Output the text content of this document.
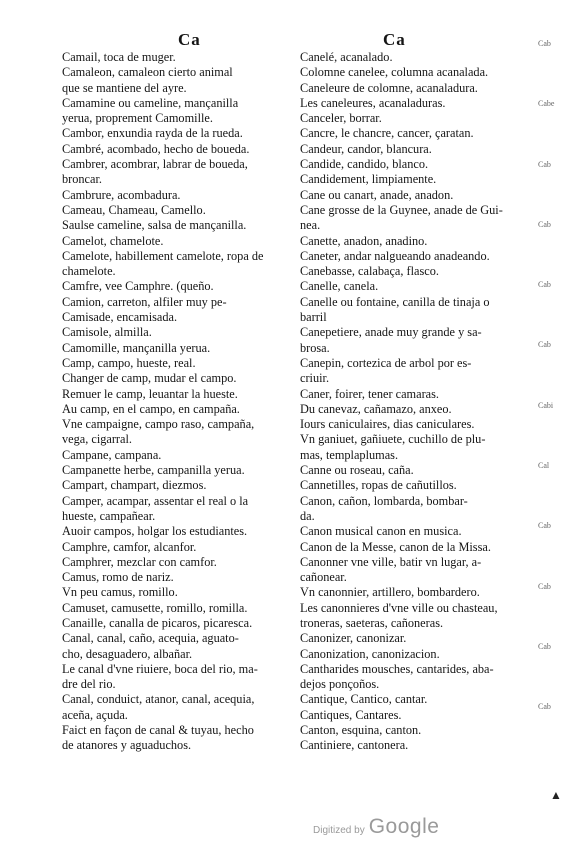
Ca	Ca
Camail, toca de muger.
Camaleon, camaleon cierto animal
que se mantiene del ayre.
Camamine ou cameline, mançanilla
yerua, proprement Camomille.
Cambor, enxundia rayda de la rueda.
Cambré, acombado, hecho de boueda.
Cambrer, acombrar, labrar de boueda,
broncar.
Cambrure, acombadura.
Cameau, Chameau, Camello.
Saulse cameline, salsa de mançanilla.
Camelot, chamelote.
Camelote, habillement camelote, ropa de
chamelote.
Camfre, vee Camphre. (queño.
Camion, carreton, alfiler muy pe-
Camisade, encamisada.
Camisole, almilla.
Camomille, mançanilla yerua.
Camp, campo, hueste, real.
Changer de camp, mudar el campo.
Remuer le camp, leuantar la hueste.
Au camp, en el campo, en campaña.
Vne campaigne, campo raso, campaña,
vega, cigarral.
Campane, campana.
Campanette herbe, campanilla yerua.
Campart, champart, diezmos.
Camper, acampar, assentar el real o la
hueste, campañear.
Auoir campos, holgar los estudiantes.
Camphre, camfor, alcanfor.
Camphrer, mezclar con camfor.
Camus, romo de nariz.
Vn peu camus, romillo.
Camuset, camusette, romillo, romilla.
Canaille, canalla de picaros, picaresca.
Canal, canal, caño, acequia, aguato-
cho, desaguadero, albañar.
Le canal d'vne riuiere, boca del rio, ma-
dre del rio.
Canal, conduict, atanor, canal, acequia,
aceña, açuda.
Faict en façon de canal & tuyau, hecho
de atanores y aguaduchos.
Canelé, acanalado.
Colomne canelee, columna acanalada.
Caneleure de colomne, acanaladura.
Les caneleures, acanaladuras.
Canceler, borrar.
Cancre, le chancre, cancer, çaratan.
Candeur, candor, blancura.
Candide, candido, blanco.
Candidement, limpiamente.
Cane ou canart, anade, anadon.
Cane grosse de la Guynee, anade de Gui-
nea.
Canette, anadon, anadino.
Caneter, andar nalgueando anadeando.
Canebasse, calabaça, flasco.
Canelle, canela.
Canelle ou fontaine, canilla de tinaja o
barril
Canepetiere, anade muy grande y sa-
brosa.
Canepin, cortezica de arbol por es-
criuir.
Caner, foirer, tener camaras.
Du canevaz, cañamazo, anxeo.
Iours caniculaires, dias caniculares.
Vn ganiuet, gañiuete, cuchillo de plu-
mas, templaplumas.
Canne ou roseau, caña.
Cannetilles, ropas de cañutillos.
Canon, cañon, lombarda, bombar-
da.
Canon musical canon en musica.
Canon de la Messe, canon de la Missa.
Canonner vne ville, batir vn lugar, a-
cañonear.
Vn canonnier, artillero, bombardero.
Les canonnieres d'vne ville ou chasteau,
troneras, saeteras, cañoneras.
Canonizer, canonizar.
Canonization, canonizacion.
Cantharides mousches, cantarides, aba-
dejos ponçoños.
Cantique, Cantico, cantar.
Cantiques, Cantares.
Canton, esquina, canton.
Cantiniere, cantonera.
Cab
Cabe
Cab
Cab
Cab
Cab
Cabi
Cal
Cab
Cab
Cab
Cab
▲
Digitized by Google
